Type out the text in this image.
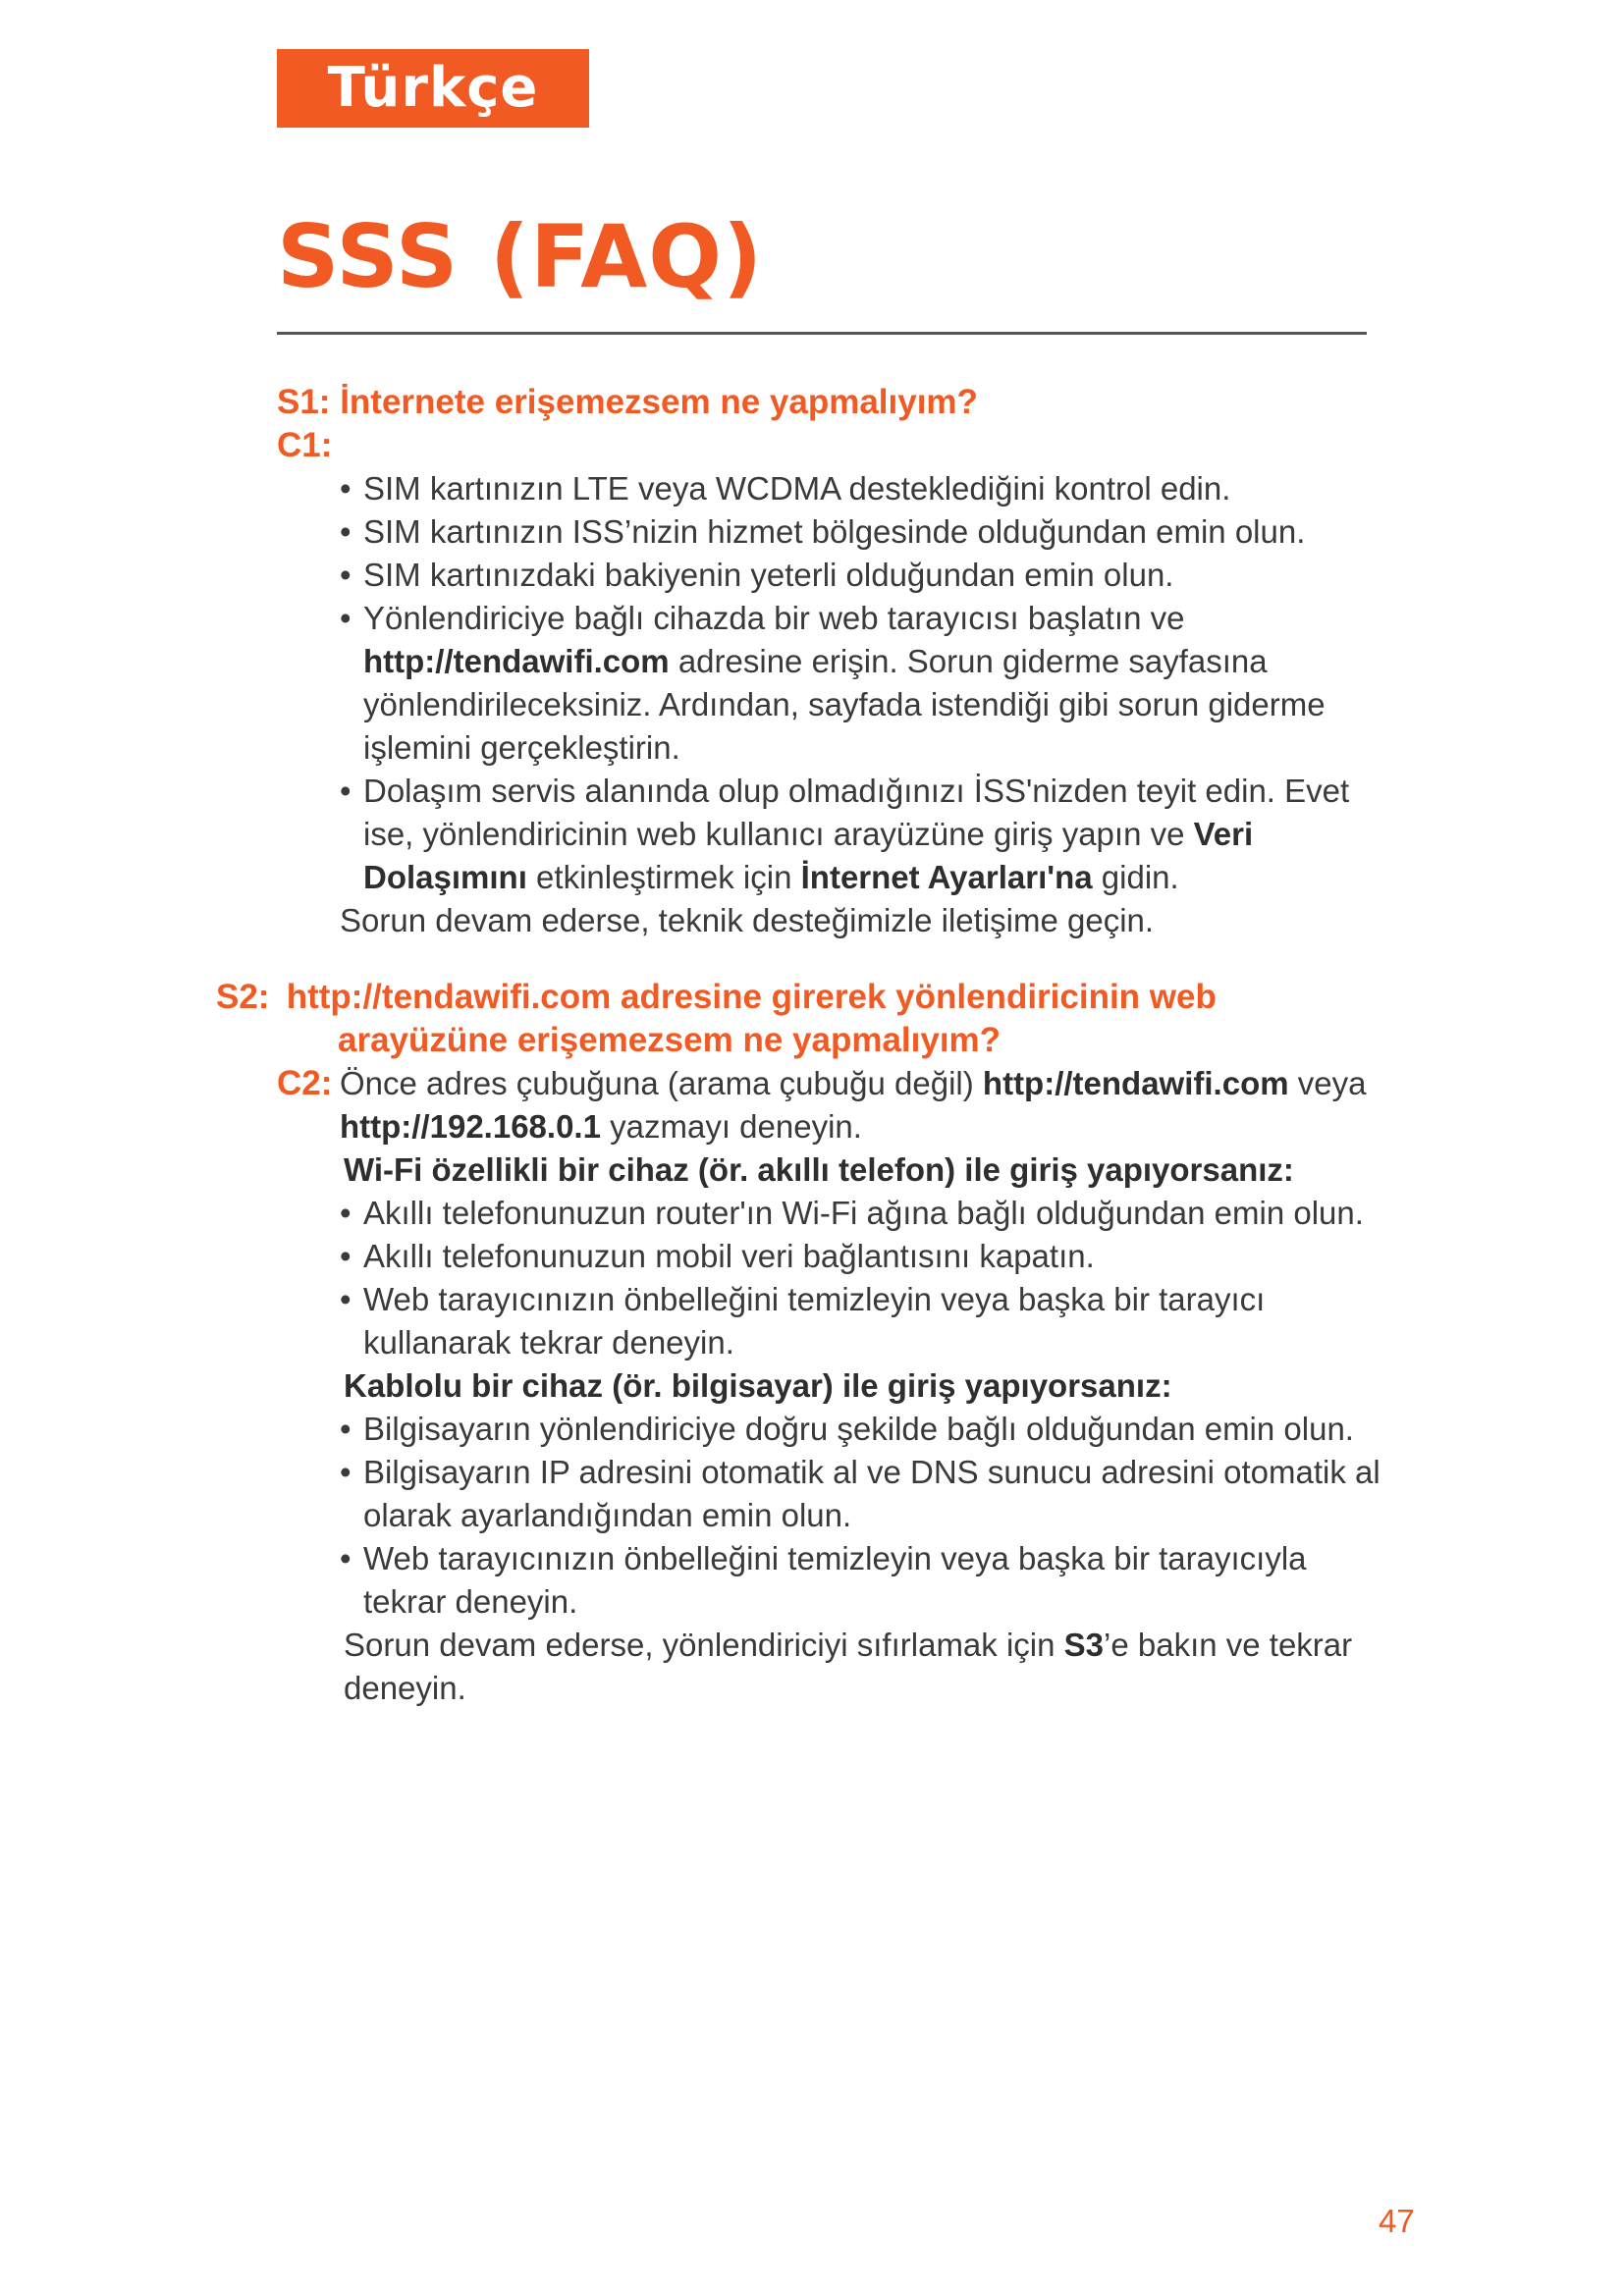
Türkçe
SSS (FAQ)
S1: İnternete erişemezsem ne yapmalıyım?
C1:
• SIM kartınızın LTE veya WCDMA desteklediğini kontrol edin.
• SIM kartınızın ISS’nizin hizmet bölgesinde olduğundan emin olun.
• SIM kartınızdaki bakiyenin yeterli olduğundan emin olun.
• Yönlendiriciye bağlı cihazda bir web tarayıcısı başlatın ve http://tendawifi.com adresine erişin. Sorun giderme sayfasına yönlendirileceksiniz. Ardından, sayfada istendiği gibi sorun giderme işlemini gerçekleştirin.
• Dolaşım servis alanında olup olmadığınızı İSS'nizden teyit edin. Evet ise, yönlendiricinin web kullanıcı arayüzüne giriş yapın ve Veri Dolaşımını etkinleştirmek için İnternet Ayarları'na gidin.
Sorun devam ederse, teknik desteğimizle iletişime geçin.
S2: http://tendawifi.com adresine girerek yönlendiricinin web arayüzüne erişemezsem ne yapmalıyım?
C2: Önce adres çubuğuna (arama çubuğu değil) http://tendawifi.com veya http://192.168.0.1 yazmayı deneyin.
Wi-Fi özellikli bir cihaz (ör. akıllı telefon) ile giriş yapıyorsanız:
• Akıllı telefonunuzun router'ın Wi-Fi ağına bağlı olduğundan emin olun.
• Akıllı telefonunuzun mobil veri bağlantısını kapatın.
• Web tarayıcınızın önbelleğini temizleyin veya başka bir tarayıcı kullanarak tekrar deneyin.
Kablolu bir cihaz (ör. bilgisayar) ile giriş yapıyorsanız:
• Bilgisayarın yönlendiriciye doğru şekilde bağlı olduğundan emin olun.
• Bilgisayarın IP adresini otomatik al ve DNS sunucu adresini otomatik al olarak ayarlandığından emin olun.
• Web tarayıcınızın önbelleğini temizleyin veya başka bir tarayıcıyla tekrar deneyin.
Sorun devam ederse, yönlendiriciyi sıfırlamak için S3’e bakın ve tekrar deneyin.
47
